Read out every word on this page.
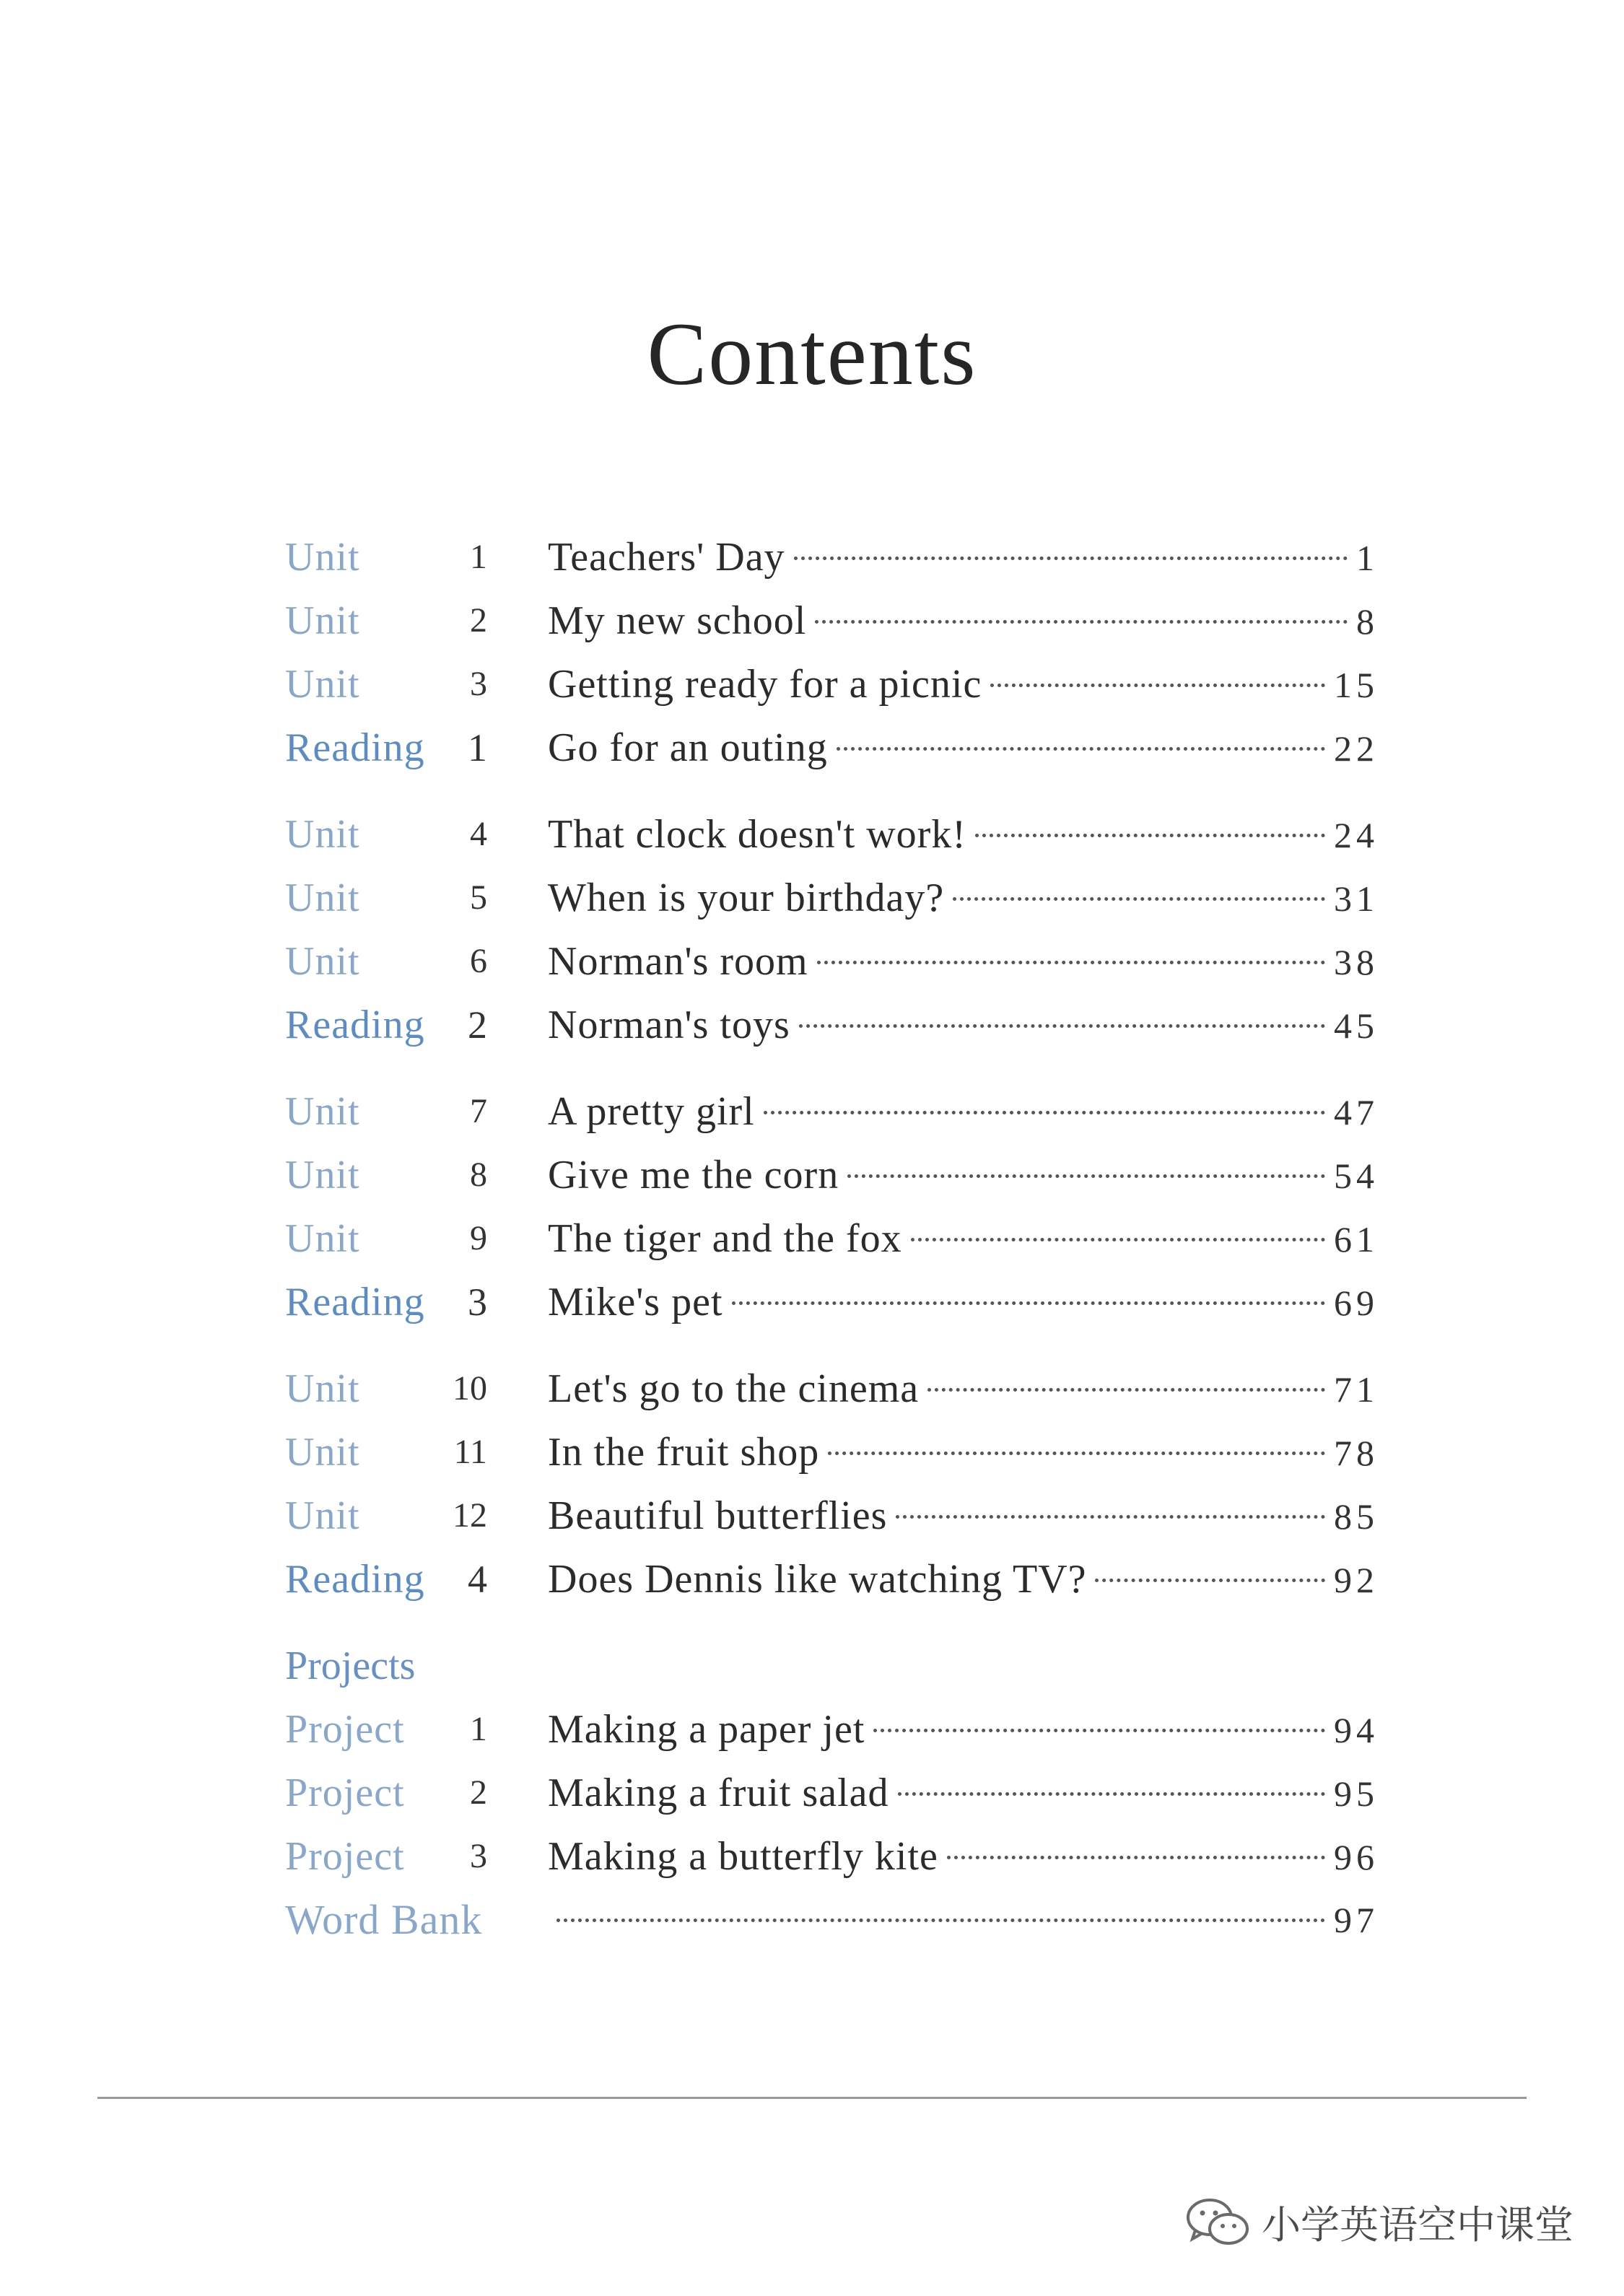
Contents
Unit	1 Teachers' Day	1
Unit	2 My new school	8
Unit	3 Getting ready for a picnic	15
Reading	1 Go for an outing	22
Unit	4 That clock doesn't work!	24
Unit	5 When is your birthday?	31
Unit	6 Norman's room	38
Reading	2 Norman's toys	45
Unit	7 A pretty girl	47
Unit	8 Give me the corn	54
Unit	9 The tiger and the fox	61
Reading	3 Mike's pet	69
Unit	10 Let's go to the cinema	71
Unit	11 In the fruit shop	78
Unit	12 Beautiful butterflies	85
Reading	4 Does Dennis like watching TV?	92
Projects
Project	1 Making a paper jet	94
Project	2 Making a fruit salad	95
Project	3 Making a butterfly kite	96
Word Bank	97
小学英语空中课堂
